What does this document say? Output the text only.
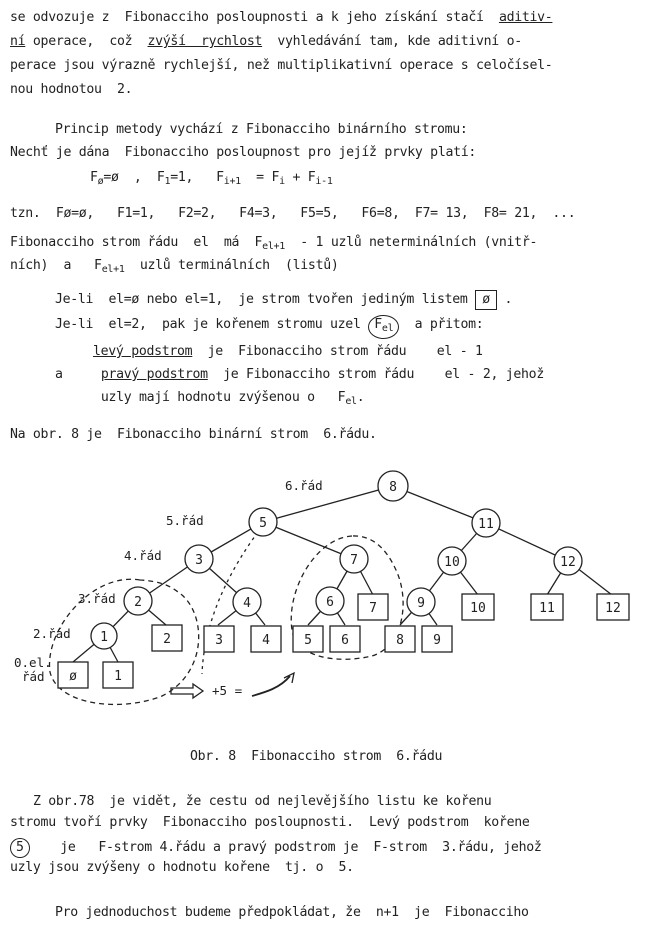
se odvozuje z  Fibonacciho posloupnosti a k jeho získání stačí  aditiv-
ní operace,  což  zvýší  rychlost  vyhledávání tam, kde aditivní o-
perace jsou výrazně rychlejší, než multiplikativní operace s celočísel-
nou hodnotou  2.
Princip metody vychází z Fibonacciho binárního stromu:
Nechť je dána  Fibonacciho posloupnost pro jejíž prvky platí:
$F_ø=ø$  ,  $F_1=1$,   $F_{i+1} = F_i + F_{i-1}$
tzn.  Fø=ø,   F1=1,   F2=2,   F4=3,   F5=5,   F6=8,  F7= 13,  F8= 21,  ...
Fibonacciho strom řádu  el  má  $F_{el+1} - 1$ uzlů neterminálních (vnitř-
ních)  a   $F_{el+1}$  uzlů terminálních  (listů)
Je-li  el=ø nebo el=1,  je strom tvořen jediným listem ø .
Je-li  el=2,  pak je kořenem stromu uzel $F_{el}$  a přitom:
levý podstrom  je  Fibonacciho strom řádu    el - 1
a     pravý podstrom  je Fibonacciho strom řádu    el - 2, jehož
uzly mají hodnotu zvýšenou o   $F_{el}$.
Na obr. 8 je  Fibonacciho binární strom  6.řádu.
6.řád
5.řád
4.řád
3.řád
2.řád
0.el.
řád
+5 =
8
5	11
3	7	10	12
2	4	6	9
1	2	3	4
7
5 6	8 9
10	11	12
ø	1
Obr. 8  Fibonacciho strom  6.řádu
Z obr.78  je vidět, že cestu od nejlevějšího listu ke kořenu
stromu tvoří prvky  Fibonacciho posloupnosti.  Levý podstrom  kořene
5    je   F-strom 4.řádu a pravý podstrom je  F-strom  3.řádu, jehož
uzly jsou zvýšeny o hodnotu kořene  tj. o  5.
Pro jednoduchost budeme předpokládat, že  n+1  je  Fibonacciho
